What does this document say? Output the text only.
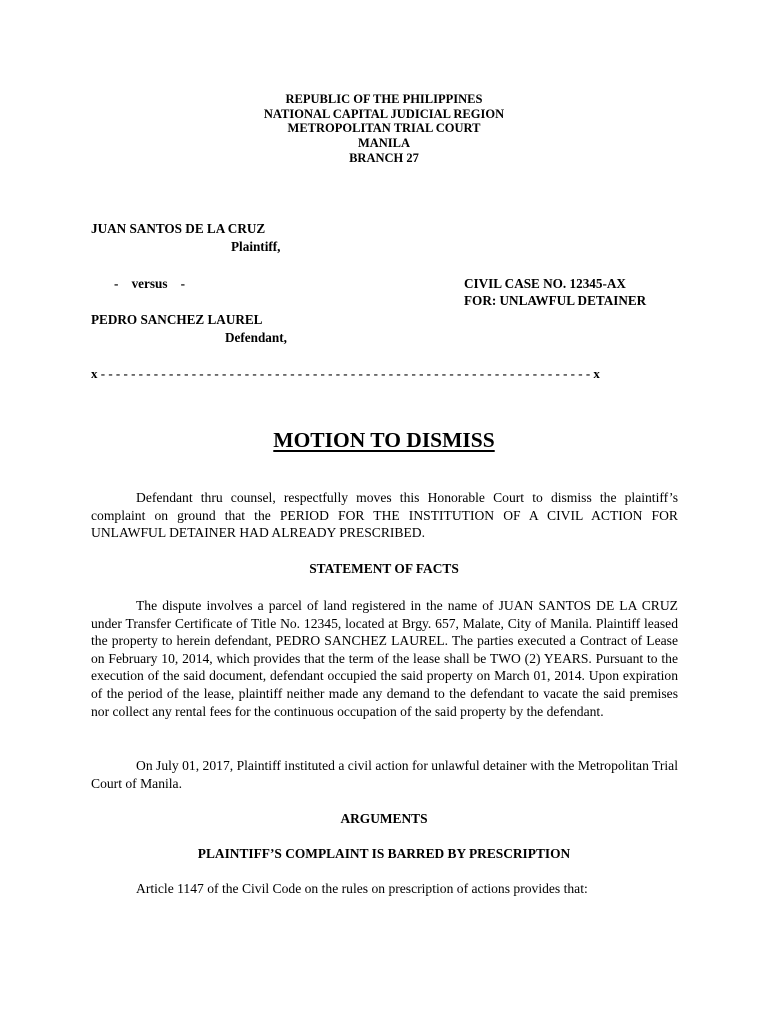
REPUBLIC OF THE PHILIPPINES
NATIONAL CAPITAL JUDICIAL REGION
METROPOLITAN TRIAL COURT
MANILA
BRANCH 27
JUAN SANTOS DE LA CRUZ
Plaintiff,
-    versus    -	CIVIL CASE NO. 12345-AX
FOR: UNLAWFUL DETAINER
PEDRO SANCHEZ LAUREL
Defendant,
x - - - - - - - - - - - - - - - - - - - - - - - - - - - - - - - - - - - - - - - - - - - - - - - - - - - - - - - - - - - - - - - - - x
MOTION TO DISMISS

Defendant thru counsel, respectfully moves this Honorable Court to dismiss the plaintiff’s complaint on ground that the PERIOD FOR THE INSTITUTION OF A CIVIL ACTION FOR UNLAWFUL DETAINER HAD ALREADY PRESCRIBED.

STATEMENT OF FACTS

The dispute involves a parcel of land registered in the name of JUAN SANTOS DE LA CRUZ under Transfer Certificate of Title No. 12345, located at Brgy. 657, Malate, City of Manila. Plaintiff leased the property to herein defendant, PEDRO SANCHEZ LAUREL. The parties executed a Contract of Lease on February 10, 2014, which provides that the term of the lease shall be TWO (2) YEARS. Pursuant to the execution of the said document, defendant occupied the said property on March 01, 2014. Upon expiration of the period of the lease, plaintiff neither made any demand to the defendant to vacate the said premises nor collect any rental fees for the continuous occupation of the said property by the defendant.

On July 01, 2017, Plaintiff instituted a civil action for unlawful detainer with the Metropolitan Trial Court of Manila.

ARGUMENTS
PLAINTIFF’S COMPLAINT IS BARRED BY PRESCRIPTION

Article 1147 of the Civil Code on the rules on prescription of actions provides that:
